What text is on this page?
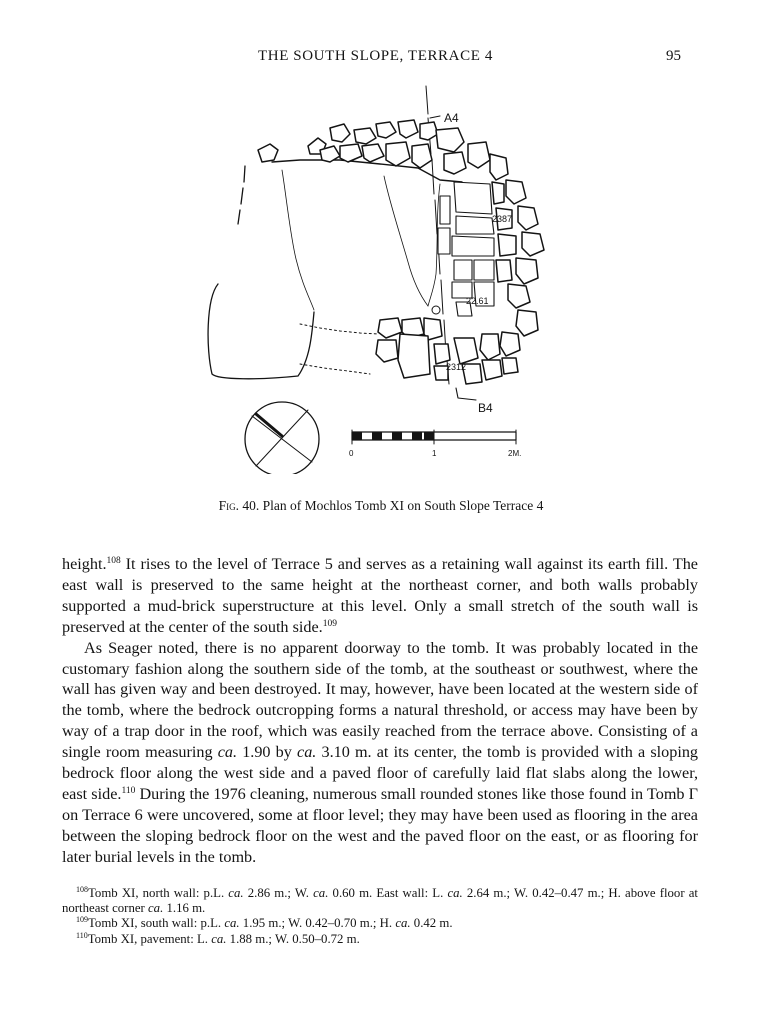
THE SOUTH SLOPE, TERRACE 4	95
A4
B4
2387
22.61
2312
0	1	2M.
Fig. 40. Plan of Mochlos Tomb XI on South Slope Terrace 4

height.$^{108}$ It rises to the level of Terrace 5 and serves as a retaining wall against its earth fill. The east wall is preserved to the same height at the northeast corner, and both walls probably supported a mud-brick superstructure at this level. Only a small stretch of the south wall is preserved at the center of the south side.$^{109}$

As Seager noted, there is no apparent doorway to the tomb. It was probably located in the customary fashion along the southern side of the tomb, at the southeast or southwest, where the wall has given way and been destroyed. It may, however, have been located at the western side of the tomb, where the bedrock outcropping forms a natural threshold, or access may have been by way of a trap door in the roof, which was easily reached from the terrace above. Consisting of a single room measuring ca. 1.90 by ca. 3.10 m. at its center, the tomb is provided with a sloping bedrock floor along the west side and a paved floor of carefully laid flat slabs along the lower, east side.$^{110}$ During the 1976 cleaning, numerous small rounded stones like those found in Tomb Γ on Terrace 6 were uncovered, some at floor level; they may have been used as flooring in the area between the sloping bedrock floor on the west and the paved floor on the east, or as flooring for later burial levels in the tomb.

$^{108}$Tomb XI, north wall: p.L. ca. 2.86 m.; W. ca. 0.60 m. East wall: L. ca. 2.64 m.; W. 0.42–0.47 m.; H. above floor at northeast corner ca. 1.16 m.

$^{109}$Tomb XI, south wall: p.L. ca. 1.95 m.; W. 0.42–0.70 m.; H. ca. 0.42 m.

$^{110}$Tomb XI, pavement: L. ca. 1.88 m.; W. 0.50–0.72 m.
